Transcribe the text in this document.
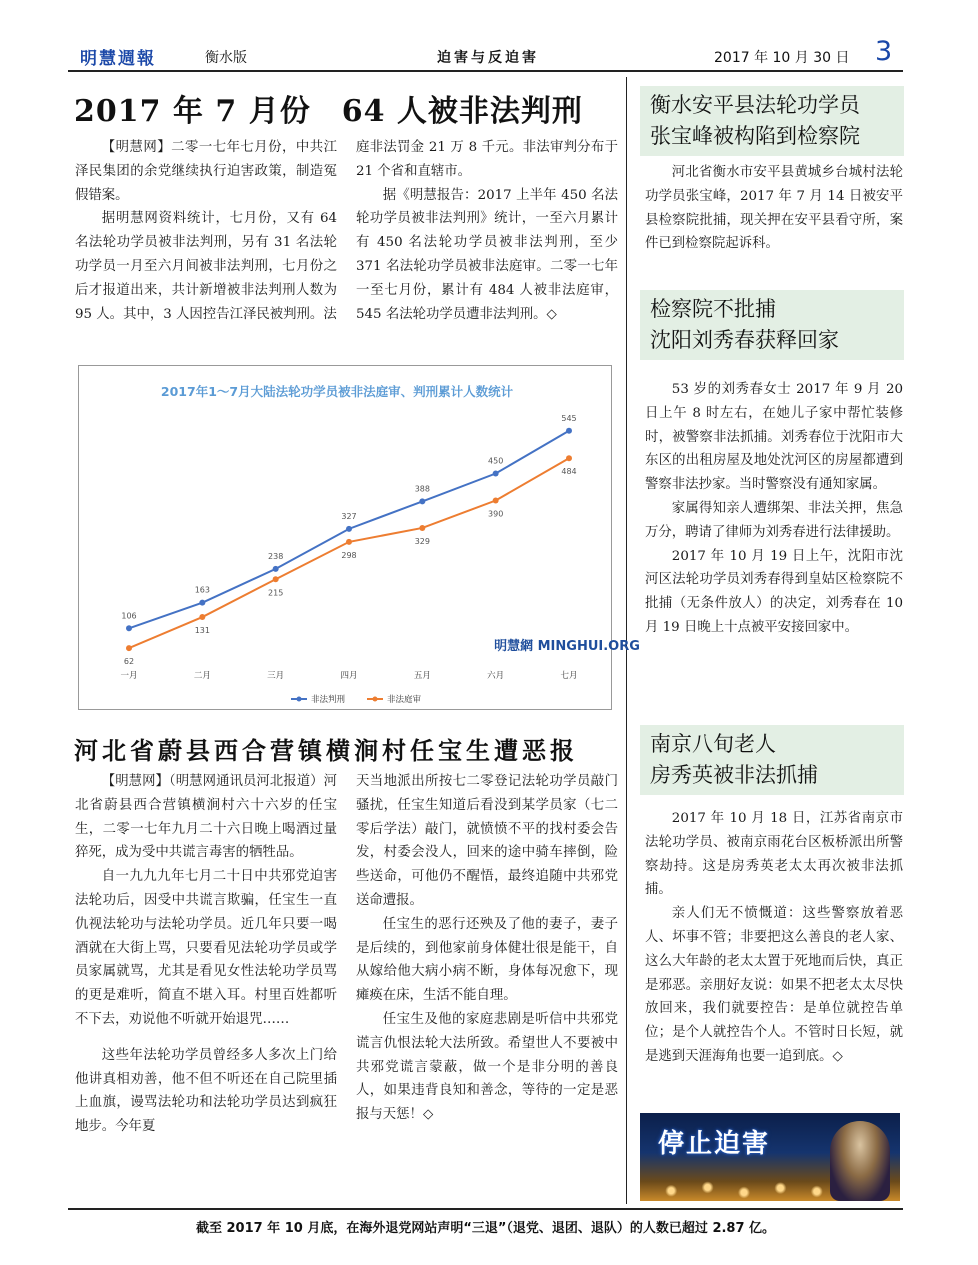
明慧週報	衡水版	迫害与反迫害	2017 年 10 月 30 日 3
2017 年 7 月份　64 人被非法判刑

【明慧网】二零一七年七月份，中共江泽民集团的余党继续执行迫害政策，制造冤假错案。

据明慧网资料统计，七月份，又有 64 名法轮功学员被非法判刑，另有 31 名法轮功学员一月至六月间被非法判刑，七月份之后才报道出来，共计新增被非法判刑人数为 95 人。其中，3 人因控告江泽民被判刑。法

庭非法罚金 21 万 8 千元。非法审判分布于 21 个省和直辖市。

据《明慧报告：2017 上半年 450 名法轮功学员被非法判刑》统计，一至六月累计有 450 名法轮功学员被非法判刑，至少 371 名法轮功学员被非法庭审。二零一七年一至七月份，累计有 484 人被非法庭审，545 名法轮功学员遭非法判刑。◇

2017年1～7月大陆法轮功学员被非法庭审、判刑累计人数统计
106
163
238
327
388
450
545
62
131
215
298
329
390
484
一月	二月	三月	四月	五月	六月	七月
非法判刑	非法庭审
明慧網 MINGHUI.ORG
河北省蔚县西合营镇横涧村任宝生遭恶报

【明慧网】（明慧网通讯员河北报道）河北省蔚县西合营镇横涧村六十六岁的任宝生，二零一七年九月二十六日晚上喝酒过量猝死，成为受中共谎言毒害的牺牲品。

自一九九九年七月二十日中共邪党迫害法轮功后，因受中共谎言欺骗，任宝生一直仇视法轮功与法轮功学员。近几年只要一喝酒就在大街上骂，只要看见法轮功学员或学员家属就骂，尤其是看见女性法轮功学员骂的更是难听，简直不堪入耳。村里百姓都听不下去，劝说他不听就开始退咒……

这些年法轮功学员曾经多人多次上门给他讲真相劝善，他不但不听还在自己院里插上血旗，谩骂法轮功和法轮功学员达到疯狂地步。今年夏

天当地派出所按七二零登记法轮功学员敲门骚扰，任宝生知道后看没到某学员家（七二零后学法）敲门，就愤愤不平的找村委会告发，村委会没人，回来的途中骑车摔倒，险些送命，可他仍不醒悟，最终追随中共邪党送命遭报。

任宝生的恶行还殃及了他的妻子，妻子是后续的，到他家前身体健壮很是能干，自从嫁给他大病小病不断，身体每况愈下，现瘫痪在床，生活不能自理。

任宝生及他的家庭悲剧是听信中共邪党谎言仇恨法轮大法所致。希望世人不要被中共邪党谎言蒙蔽，做一个是非分明的善良人，如果违背良知和善念，等待的一定是恶报与天惩！◇

衡水安平县法轮功学员
张宝峰被构陷到检察院

河北省衡水市安平县黄城乡台城村法轮功学员张宝峰，2017 年 7 月 14 日被安平县检察院批捕，现关押在安平县看守所，案件已到检察院起诉科。

检察院不批捕
沈阳刘秀春获释回家

53 岁的刘秀春女士 2017 年 9 月 20 日上午 8 时左右，在她儿子家中帮忙装修时，被警察非法抓捕。刘秀春位于沈阳市大东区的出租房屋及地处沈河区的房屋都遭到警察非法抄家。当时警察没有通知家属。

家属得知亲人遭绑架、非法关押，焦急万分，聘请了律师为刘秀春进行法律援助。

2017 年 10 月 19 日上午，沈阳市沈河区法轮功学员刘秀春得到皇姑区检察院不批捕（无条件放人）的决定，刘秀春在 10 月 19 日晚上十点被平安接回家中。

南京八旬老人
房秀英被非法抓捕

2017 年 10 月 18 日，江苏省南京市法轮功学员、被南京雨花台区板桥派出所警察劫持。这是房秀英老太太再次被非法抓捕。

亲人们无不愤慨道：这些警察放着恶人、坏事不管；非要把这么善良的老人家、这么大年龄的老太太置于死地而后快，真正是邪恶。亲朋好友说：如果不把老太太尽快放回来，我们就要控告：是单位就控告单位；是个人就控告个人。不管时日长短，就是逃到天涯海角也要一追到底。◇

停止迫害
截至 2017 年 10 月底，在海外退党网站声明“三退”（退党、退团、退队）的人数已超过 2.87 亿。
